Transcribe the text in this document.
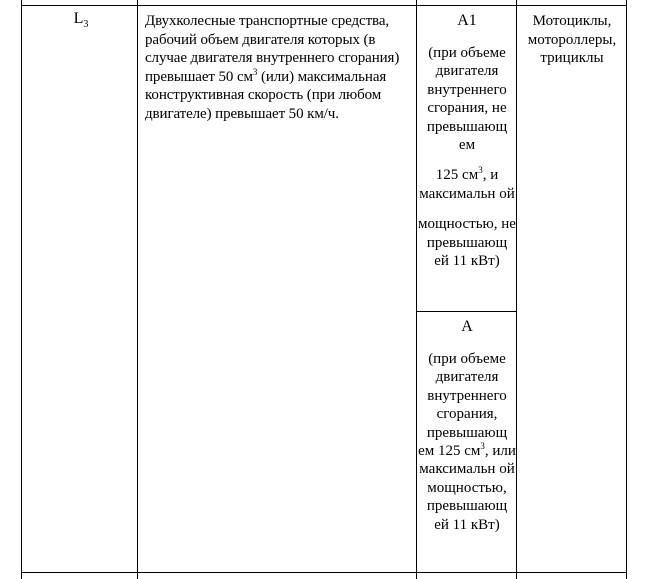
$L_3$	Двухколесные транспортные средства, рабочий объем двигателя которых (в случае двигателя внутреннего сгорания) превышает 50 $см^3$ (или) максимальная конструктивная скорость (при любом двигателе) превышает 50 км/ч.

A1

(при объеме двигателя внутреннего сгорания, не превышающ ем

125 $см^3$, и максимальн ой

мощностью, не превышающ ей 11 кВт)

A

(при объеме двигателя внутреннего сгорания, превышающ ем 125 $см^3$, или максимальн ой мощностью, превышающ ей 11 кВт)

Мотоциклы, мотороллеры, трициклы
